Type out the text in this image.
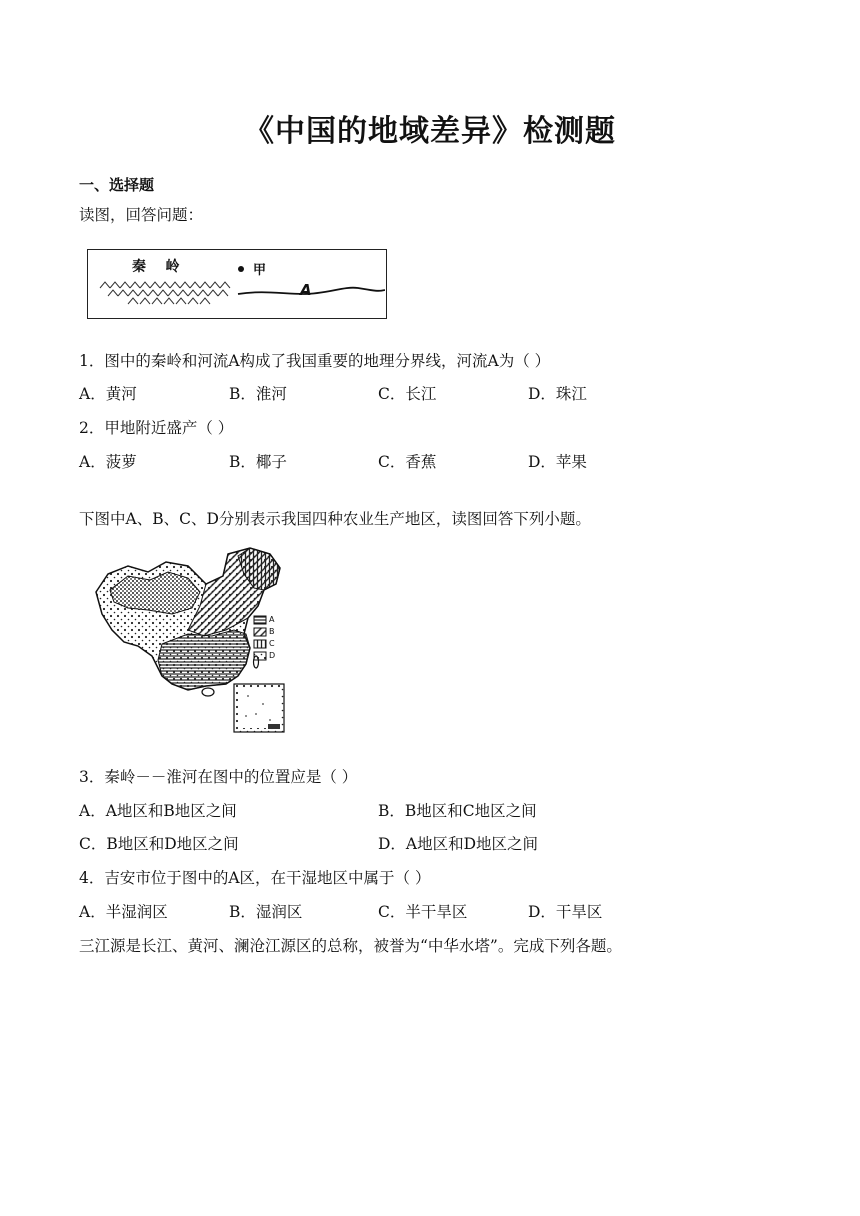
《中国的地域差异》检测题
一、选择题
读图，回答问题：
秦    岭	甲
A
1．图中的秦岭和河流A构成了我国重要的地理分界线，河流A为（ ）
A．黄河	B．淮河	C．长江	D．珠江
2．甲地附近盛产（ ）
A．菠萝	B．椰子	C．香蕉	D．苹果
下图中A、B、C、D分别表示我国四种农业生产地区，读图回答下列小题。
A
B
C
D
3．秦岭－－淮河在图中的位置应是（ ）
A．A地区和B地区之间	B．B地区和C地区之间
C．B地区和D地区之间	D．A地区和D地区之间
4．吉安市位于图中的A区，在干湿地区中属于（ ）
A．半湿润区	B．湿润区	C．半干旱区	D．干旱区
三江源是长江、黄河、澜沧江源区的总称，被誉为“中华水塔”。完成下列各题。
